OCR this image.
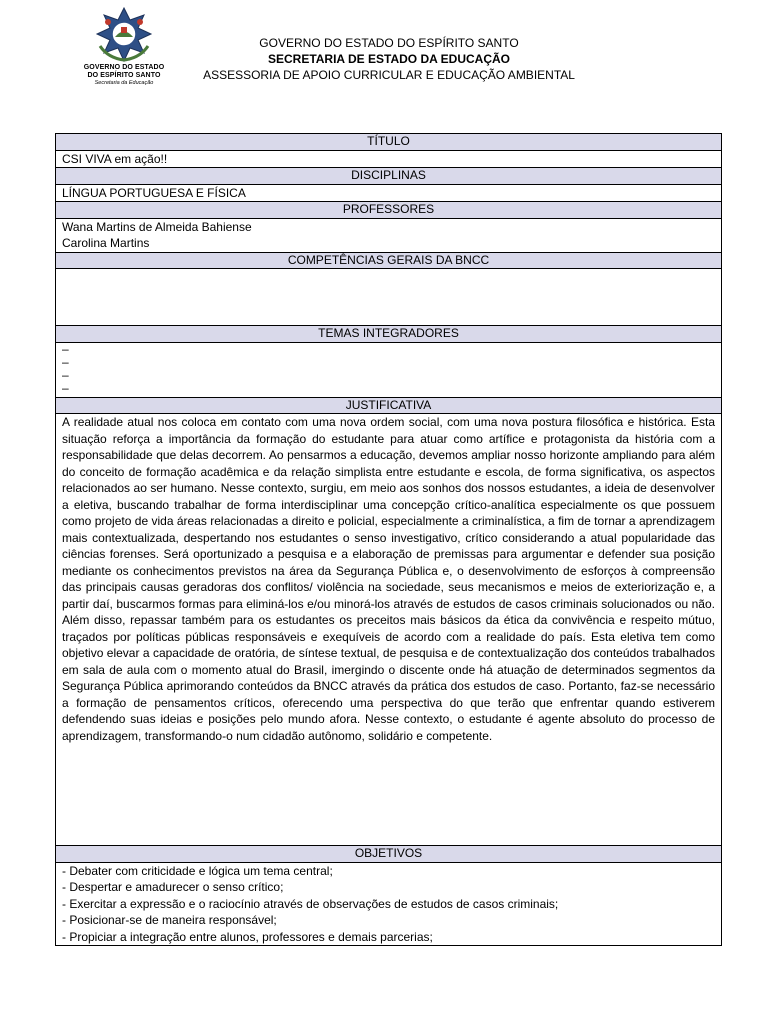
GOVERNO DO ESTADO
DO ESPÍRITO SANTO
Secretaria da Educação
GOVERNO DO ESTADO DO ESPÍRITO SANTO
SECRETARIA DE ESTADO DA EDUCAÇÃO
ASSESSORIA DE APOIO CURRICULAR E EDUCAÇÃO AMBIENTAL
TÍTULO
CSI VIVA em ação!!
DISCIPLINAS
LÍNGUA PORTUGUESA E FÍSICA
PROFESSORES

Wana Martins de Almeida Bahiense
Carolina Martins

COMPETÊNCIAS GERAIS DA BNCC

TEMAS INTEGRADORES

–
–
–
–

JUSTIFICATIVA
A realidade atual nos coloca em contato com uma nova ordem social, com uma nova postura filosófica e histórica. Esta situação reforça a importância da formação do estudante para atuar como artífice e protagonista da história com a responsabilidade que delas decorrem. Ao pensarmos a educação, devemos ampliar nosso horizonte ampliando para além do conceito de formação acadêmica e da relação simplista entre estudante e escola, de forma significativa, os aspectos relacionados ao ser humano. Nesse contexto, surgiu, em meio aos sonhos dos nossos estudantes, a ideia de desenvolver a eletiva, buscando trabalhar de forma interdisciplinar uma concepção crítico-analítica especialmente os que possuem como projeto de vida áreas relacionadas a direito e policial, especialmente a criminalística, a fim de tornar a aprendizagem mais contextualizada, despertando nos estudantes o senso investigativo, crítico considerando a atual popularidade das ciências forenses. Será oportunizado a pesquisa e a elaboração de premissas para argumentar e defender sua posição mediante os conhecimentos previstos na área da Segurança Pública e, o desenvolvimento de esforços à compreensão das principais causas geradoras dos conflitos/ violência na sociedade, seus mecanismos e meios de exteriorização e, a partir daí, buscarmos formas para eliminá-los e/ou minorá-los através de estudos de casos criminais solucionados ou não. Além disso, repassar também para os estudantes os preceitos mais básicos da ética da convivência e respeito mútuo, traçados por políticas públicas responsáveis e exequíveis de acordo com a realidade do país. Esta eletiva tem como objetivo elevar a capacidade de oratória, de síntese textual, de pesquisa e de contextualização dos conteúdos trabalhados em sala de aula com o momento atual do Brasil, imergindo o discente onde há atuação de determinados segmentos da Segurança Pública aprimorando conteúdos da BNCC através da prática dos estudos de caso. Portanto, faz-se necessário a formação de pensamentos críticos, oferecendo uma perspectiva do que terão que enfrentar quando estiverem defendendo suas ideias e posições pelo mundo afora. Nesse contexto, o estudante é agente absoluto do processo de aprendizagem, transformando-o num cidadão autônomo, solidário e competente.
OBJETIVOS

- Debater com criticidade e lógica um tema central;
- Despertar e amadurecer o senso crítico;
- Exercitar a expressão e o raciocínio através de observações de estudos de casos criminais;
- Posicionar-se de maneira responsável;
- Propiciar a integração entre alunos, professores e demais parcerias;
